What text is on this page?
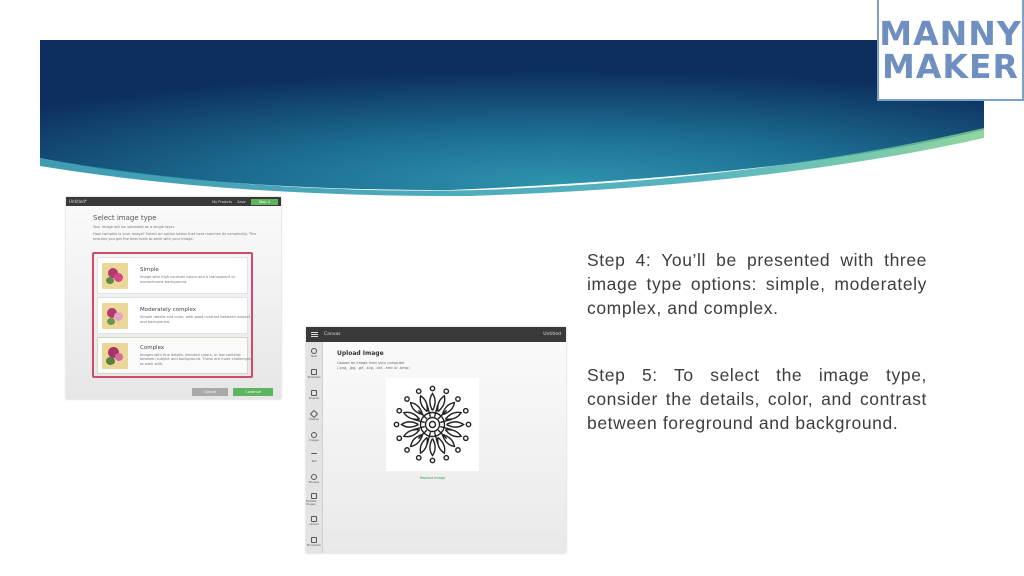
MANNY
MAKER
Untitled*	My Projects Save	Step 4
Select image type
Your image will be uploaded as a single layer.
How complex is your image? Select an option below that best matches its complexity. This ensures you get the best tools to work with your image.
Simple
Image with high contrast colors and a transparent or monochrome background.
Moderately complex
Simple details and color, with good contrast between subject and background.
Complex
Images with fine details, blended colors, or low contrast between subject and background. These are more challenging to work with.
Cancel	Continue
Canvas	Untitled
New
Templates
Projects
Shapes
Images
Text
Phrases
Editable Images
Upload
Monogram
Upload Image
Upload an image from your computer
(.png, .jpg, .gif, .svg, .dxf, .heic or .bmp)
Replace Image
Step 4: You’ll be presented with three image type options: simple, moderately complex, and complex.
Step 5: To select the image type, consider the details, color, and contrast between foreground and background.
